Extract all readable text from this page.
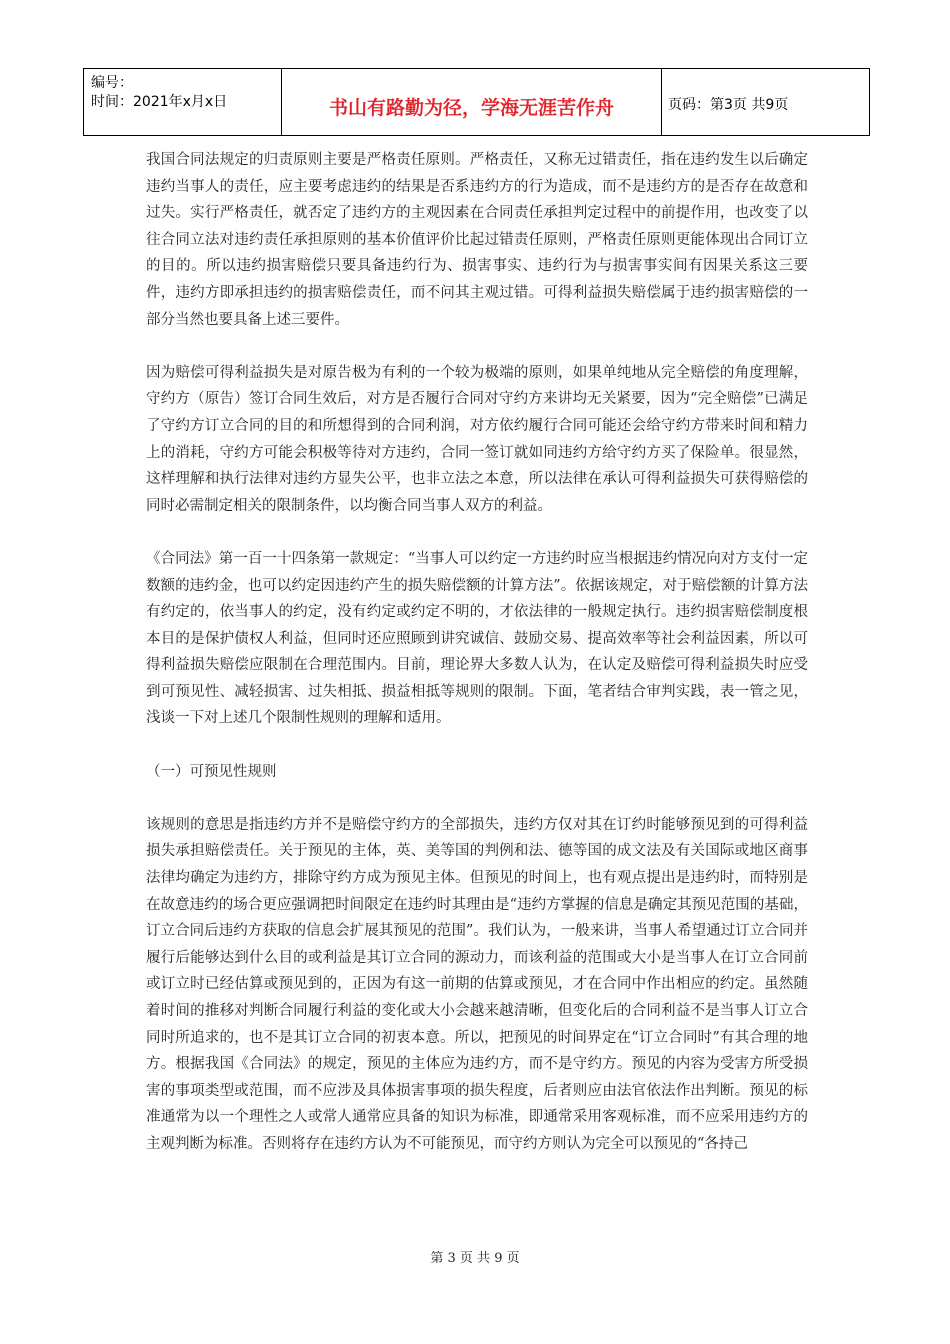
编号：
时间：2021年x月x日	书山有路勤为径，学海无涯苦作舟	页码：第3页 共9页

我国合同法规定的归责原则主要是严格责任原则。严格责任，又称无过错责任，指在违约发生以后确定违约当事人的责任，应主要考虑违约的结果是否系违约方的行为造成，而不是违约方的是否存在故意和过失。实行严格责任，就否定了违约方的主观因素在合同责任承担判定过程中的前提作用，也改变了以往合同立法对违约责任承担原则的基本价值评价比起过错责任原则，严格责任原则更能体现出合同订立的目的。所以违约损害赔偿只要具备违约行为、损害事实、违约行为与损害事实间有因果关系这三要件，违约方即承担违约的损害赔偿责任，而不问其主观过错。可得利益损失赔偿属于违约损害赔偿的一部分当然也要具备上述三要件。

因为赔偿可得利益损失是对原告极为有利的一个较为极端的原则，如果单纯地从完全赔偿的角度理解，守约方（原告）签订合同生效后，对方是否履行合同对守约方来讲均无关紧要，因为“完全赔偿”已满足了守约方订立合同的目的和所想得到的合同利润，对方依约履行合同可能还会给守约方带来时间和精力上的消耗，守约方可能会积极等待对方违约，合同一签订就如同违约方给守约方买了保险单。很显然，这样理解和执行法律对违约方显失公平，也非立法之本意，所以法律在承认可得利益损失可获得赔偿的同时必需制定相关的限制条件，以均衡合同当事人双方的利益。

《合同法》第一百一十四条第一款规定：“当事人可以约定一方违约时应当根据违约情况向对方支付一定数额的违约金，也可以约定因违约产生的损失赔偿额的计算方法”。依据该规定，对于赔偿额的计算方法有约定的，依当事人的约定，没有约定或约定不明的，才依法律的一般规定执行。违约损害赔偿制度根本目的是保护债权人利益，但同时还应照顾到讲究诚信、鼓励交易、提高效率等社会利益因素，所以可得利益损失赔偿应限制在合理范围内。目前，理论界大多数人认为，在认定及赔偿可得利益损失时应受到可预见性、减轻损害、过失相抵、损益相抵等规则的限制。下面，笔者结合审判实践，表一管之见，浅谈一下对上述几个限制性规则的理解和适用。

（一）可预见性规则

该规则的意思是指违约方并不是赔偿守约方的全部损失，违约方仅对其在订约时能够预见到的可得利益损失承担赔偿责任。关于预见的主体，英、美等国的判例和法、德等国的成文法及有关国际或地区商事法律均确定为违约方，排除守约方成为预见主体。但预见的时间上，也有观点提出是违约时，而特别是在故意违约的场合更应强调把时间限定在违约时其理由是“违约方掌握的信息是确定其预见范围的基础，订立合同后违约方获取的信息会扩展其预见的范围”。我们认为，一般来讲，当事人希望通过订立合同并履行后能够达到什么目的或利益是其订立合同的源动力，而该利益的范围或大小是当事人在订立合同前或订立时已经估算或预见到的，正因为有这一前期的估算或预见，才在合同中作出相应的约定。虽然随着时间的推移对判断合同履行利益的变化或大小会越来越清晰，但变化后的合同利益不是当事人订立合同时所追求的，也不是其订立合同的初衷本意。所以，把预见的时间界定在“订立合同时”有其合理的地方。根据我国《合同法》的规定，预见的主体应为违约方，而不是守约方。预见的内容为受害方所受损害的事项类型或范围，而不应涉及具体损害事项的损失程度，后者则应由法官依法作出判断。预见的标准通常为以一个理性之人或常人通常应具备的知识为标准，即通常采用客观标准，而不应采用违约方的主观判断为标准。否则将存在违约方认为不可能预见，而守约方则认为完全可以预见的“各持己

第 3 页 共 9 页
